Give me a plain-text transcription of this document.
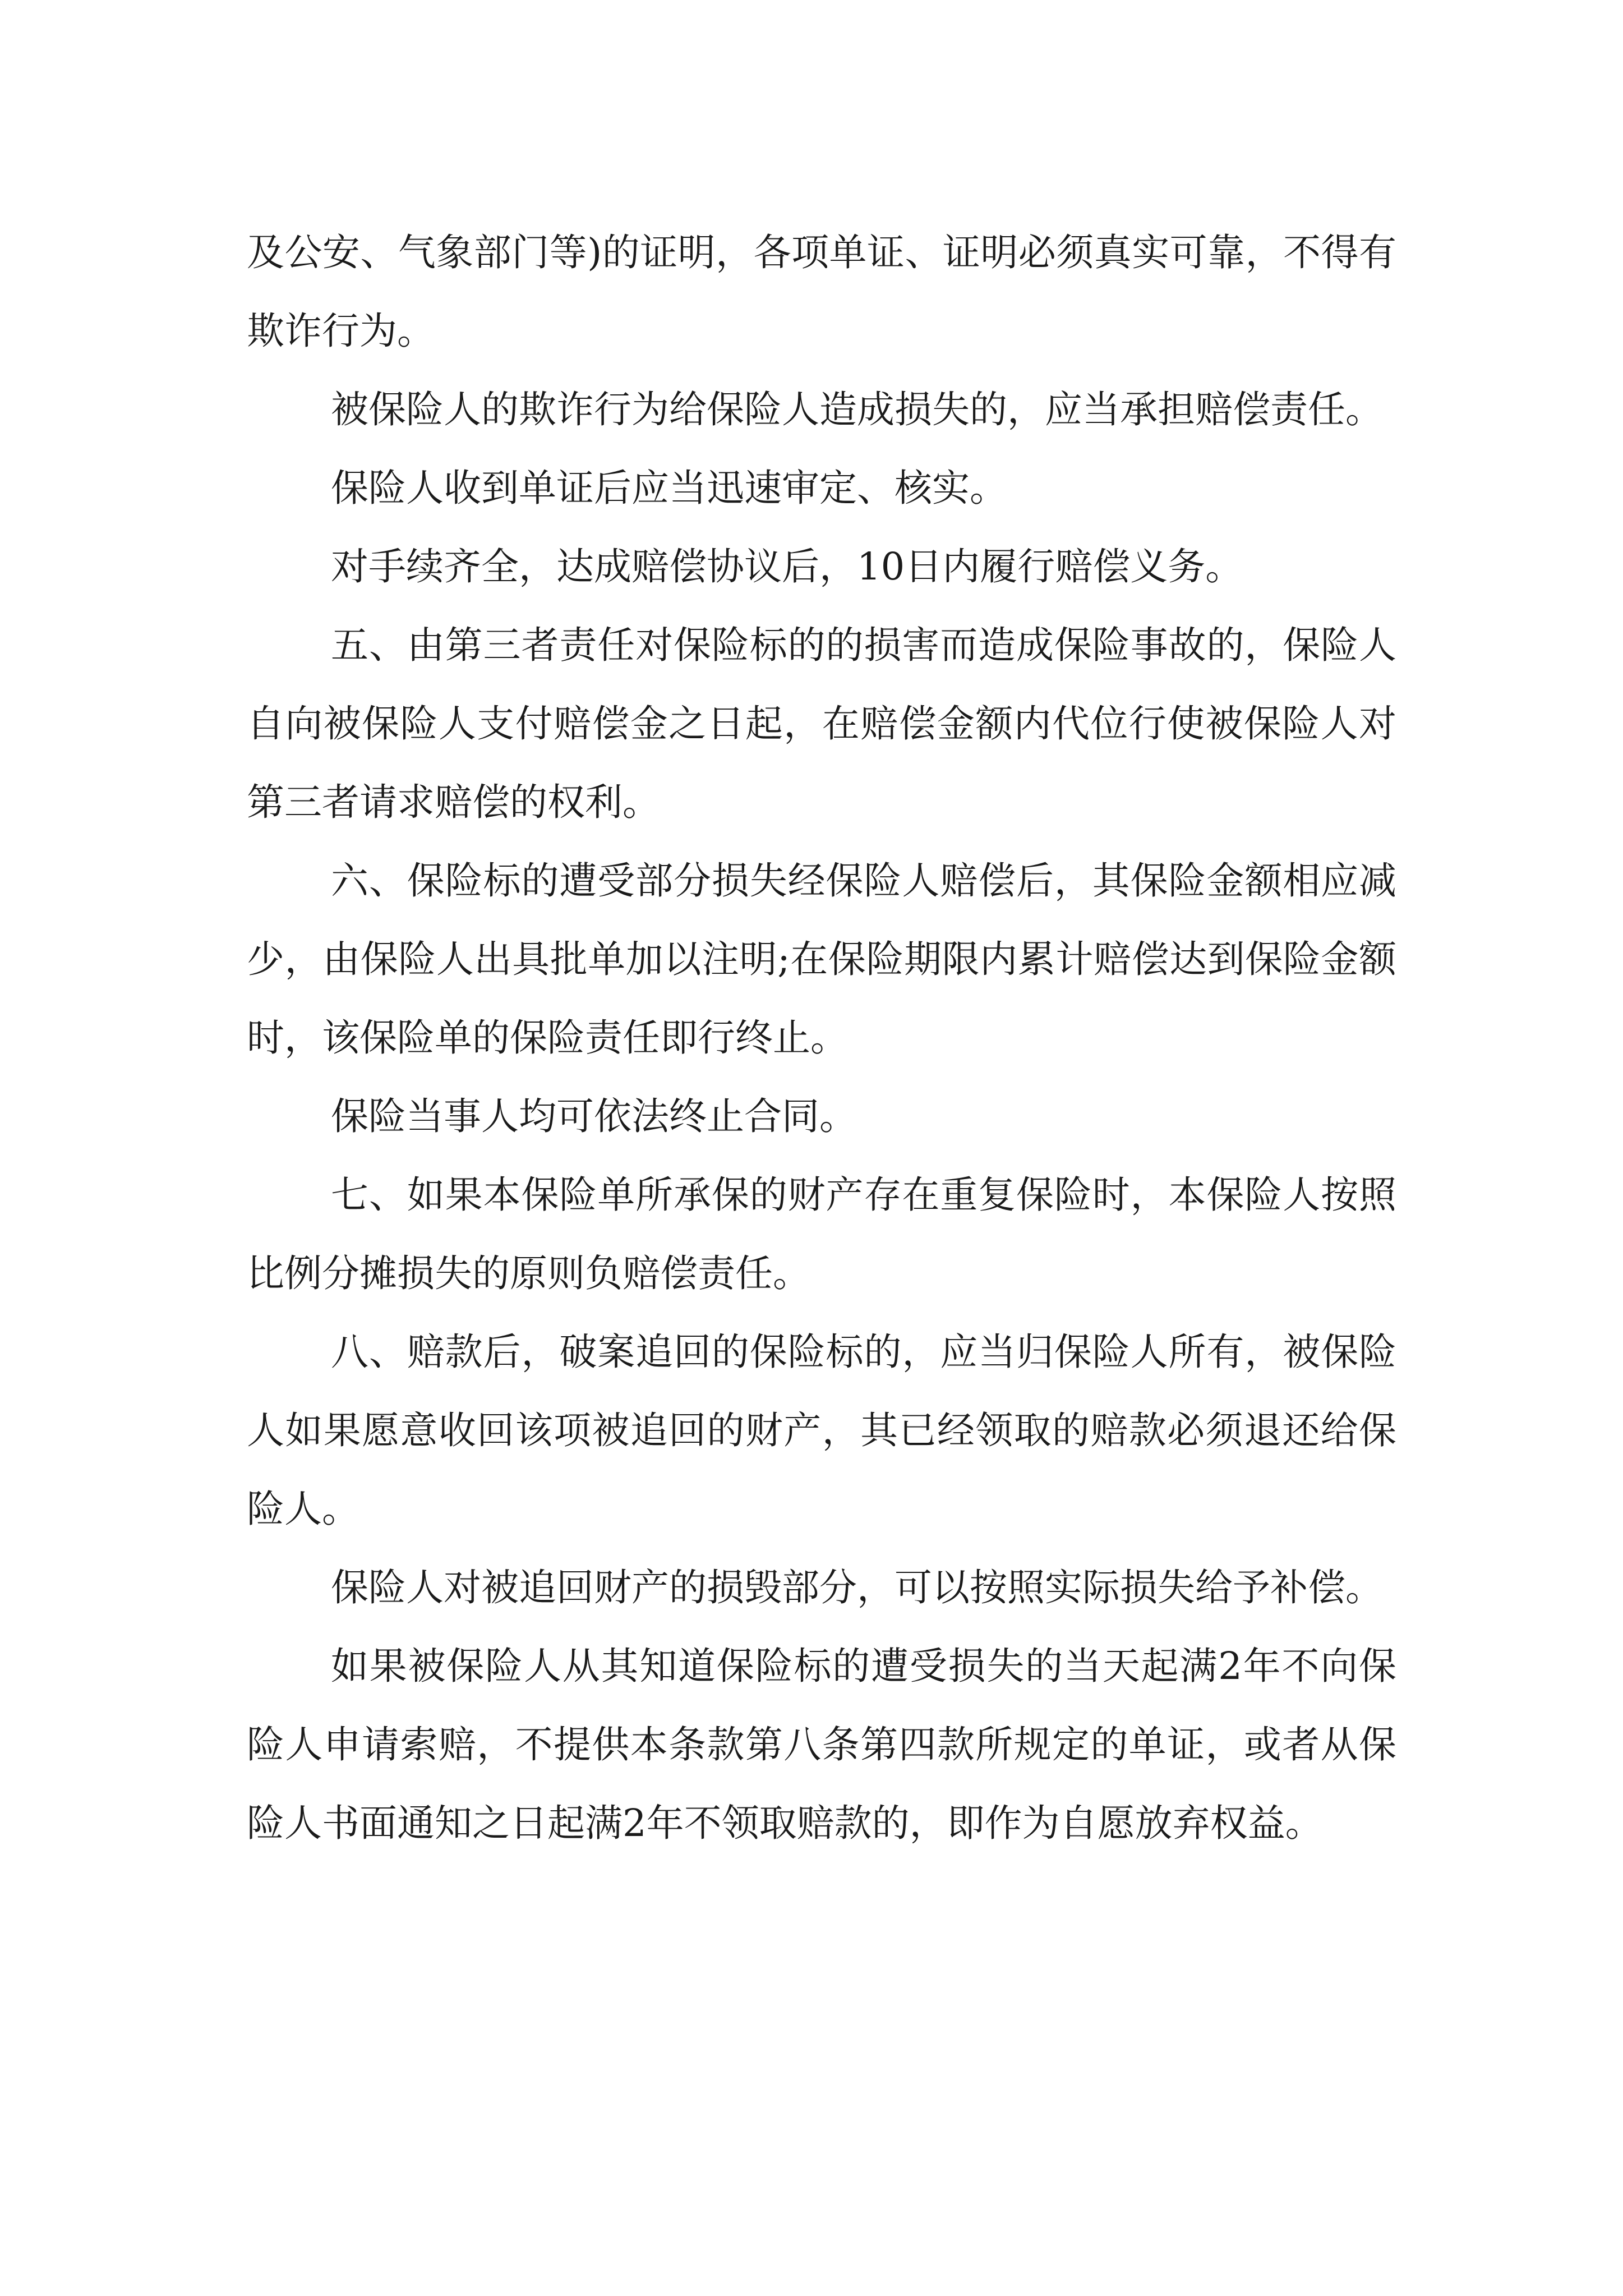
及公安、气象部门等)的证明，各项单证、证明必须真实可靠，不得有欺诈行为。

被保险人的欺诈行为给保险人造成损失的，应当承担赔偿责任。

保险人收到单证后应当迅速审定、核实。

对手续齐全，达成赔偿协议后，10日内履行赔偿义务。

五、由第三者责任对保险标的的损害而造成保险事故的，保险人自向被保险人支付赔偿金之日起，在赔偿金额内代位行使被保险人对第三者请求赔偿的权利。

六、保险标的遭受部分损失经保险人赔偿后，其保险金额相应减少，由保险人出具批单加以注明;在保险期限内累计赔偿达到保险金额时，该保险单的保险责任即行终止。

保险当事人均可依法终止合同。

七、如果本保险单所承保的财产存在重复保险时，本保险人按照比例分摊损失的原则负赔偿责任。

八、赔款后，破案追回的保险标的，应当归保险人所有，被保险人如果愿意收回该项被追回的财产，其已经领取的赔款必须退还给保险人。

保险人对被追回财产的损毁部分，可以按照实际损失给予补偿。

如果被保险人从其知道保险标的遭受损失的当天起满2年不向保险人申请索赔，不提供本条款第八条第四款所规定的单证，或者从保险人书面通知之日起满2年不领取赔款的，即作为自愿放弃权益。
